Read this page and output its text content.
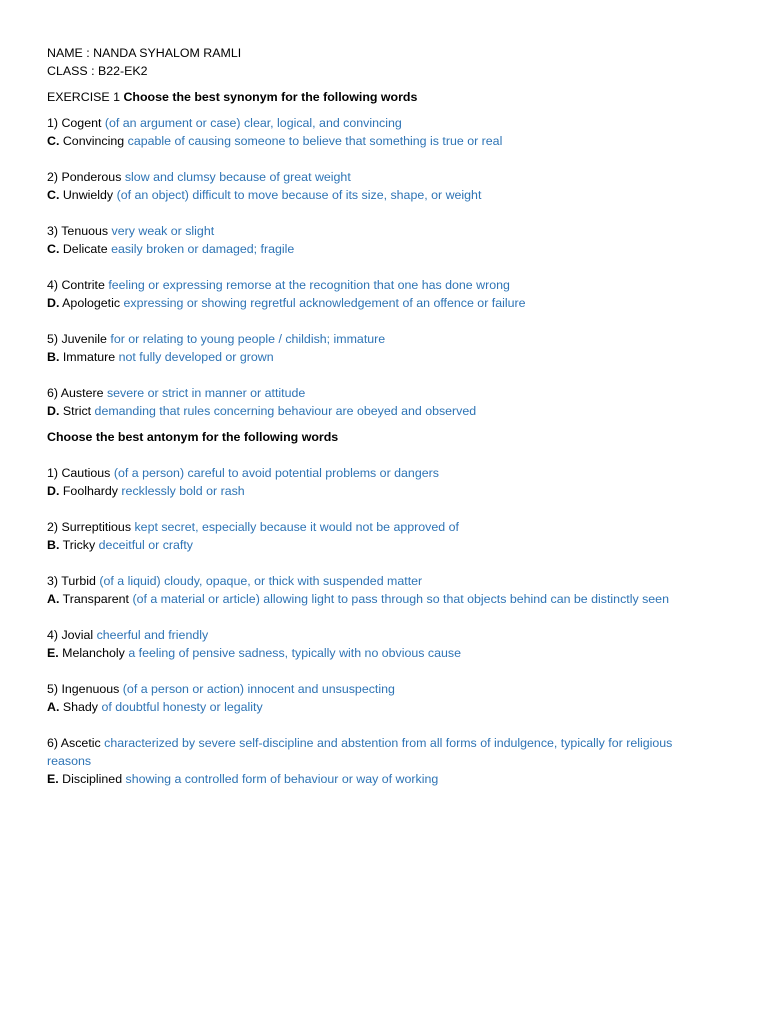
NAME : NANDA SYHALOM RAMLI
CLASS : B22-EK2
EXERCISE 1 Choose the best synonym for the following words
1) Cogent (of an argument or case) clear, logical, and convincing
C. Convincing capable of causing someone to believe that something is true or real
2) Ponderous slow and clumsy because of great weight
C. Unwieldy (of an object) difficult to move because of its size, shape, or weight
3) Tenuous very weak or slight
C. Delicate easily broken or damaged; fragile
4) Contrite feeling or expressing remorse at the recognition that one has done wrong
D. Apologetic expressing or showing regretful acknowledgement of an offence or failure
5) Juvenile for or relating to young people / childish; immature
B. Immature not fully developed or grown
6) Austere severe or strict in manner or attitude
D. Strict demanding that rules concerning behaviour are obeyed and observed
Choose the best antonym for the following words
1) Cautious (of a person) careful to avoid potential problems or dangers
D. Foolhardy recklessly bold or rash
2) Surreptitious kept secret, especially because it would not be approved of
B. Tricky deceitful or crafty
3) Turbid (of a liquid) cloudy, opaque, or thick with suspended matter
A. Transparent (of a material or article) allowing light to pass through so that objects behind can be distinctly seen
4) Jovial cheerful and friendly
E. Melancholy a feeling of pensive sadness, typically with no obvious cause
5) Ingenuous (of a person or action) innocent and unsuspecting
A. Shady of doubtful honesty or legality
6) Ascetic characterized by severe self-discipline and abstention from all forms of indulgence, typically for religious reasons
E. Disciplined showing a controlled form of behaviour or way of working
